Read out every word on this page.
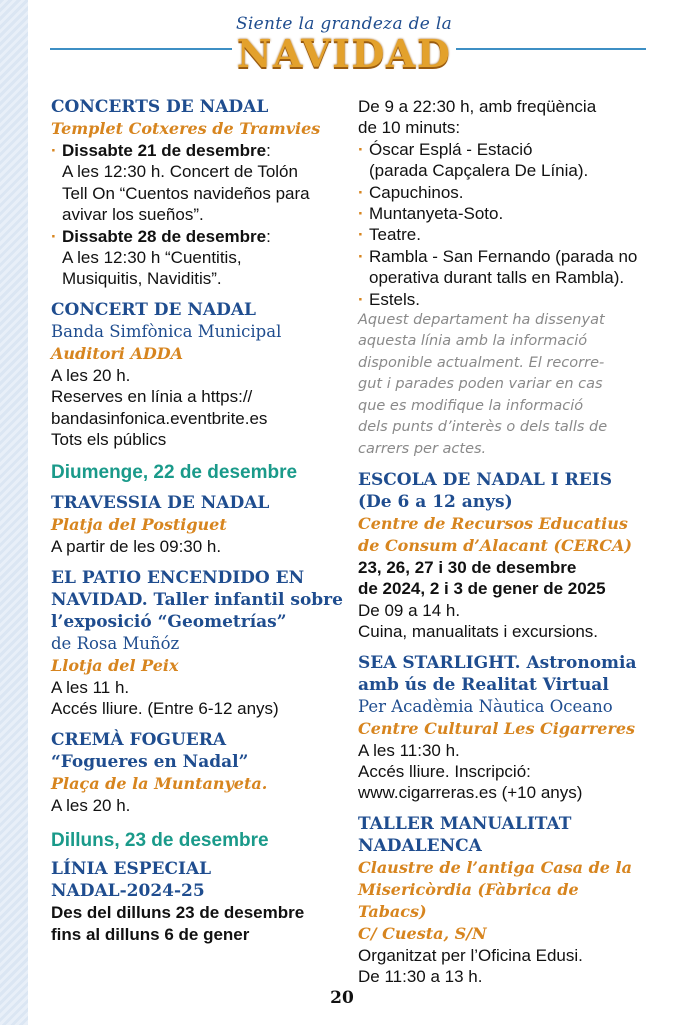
Siente la grandeza de la
NAVIDAD
CONCERTS DE NADAL
Templet Cotxeres de Tramvies
· Dissabte 21 de desembre:
A les 12:30 h. Concert de Tolón
Tell On “Cuentos navideños para
avivar los sueños”.
· Dissabte 28 de desembre:
A les 12:30 h “Cuentitis,
Musiquitis, Naviditis”.
CONCERT DE NADAL
Banda Simfònica Municipal
Auditori ADDA
A les 20 h.
Reserves en línia a https://
bandasinfonica.eventbrite.es
Tots els públics
Diumenge, 22 de desembre
TRAVESSIA DE NADAL
Platja del Postiguet
A partir de les 09:30 h.
EL PATIO ENCENDIDO EN
NAVIDAD. Taller infantil sobre
l’exposició “Geometrías”
de Rosa Muñóz
Llotja del Peix
A les 11 h.
Accés lliure. (Entre 6-12 anys)
CREMÀ FOGUERA
“Fogueres en Nadal”
Plaça de la Muntanyeta.
A les 20 h.
Dilluns, 23 de desembre
LÍNIA ESPECIAL
NADAL-2024-25
Des del dilluns 23 de desembre
fins al dilluns 6 de gener
De 9 a 22:30 h, amb freqüència
de 10 minuts:
· Óscar Esplá - Estació
(parada Capçalera De Línia).
· Capuchinos.
· Muntanyeta-Soto.
· Teatre.
· Rambla - San Fernando (parada no
operativa durant talls en Rambla).
· Estels.
Aquest departament ha dissenyat
aquesta línia amb la informació
disponible actualment. El recorre-
gut i parades poden variar en cas
que es modifique la informació
dels punts d’interès o dels talls de
carrers per actes.
ESCOLA DE NADAL I REIS
(De 6 a 12 anys)
Centre de Recursos Educatius
de Consum d’Alacant (CERCA)
23, 26, 27 i 30 de desembre
de 2024, 2 i 3 de gener de 2025
De 09 a 14 h.
Cuina, manualitats i excursions.
SEA STARLIGHT. Astronomia
amb ús de Realitat Virtual
Per Acadèmia Nàutica Oceano
Centre Cultural Les Cigarreres
A les 11:30 h.
Accés lliure. Inscripció:
www.cigarreras.es (+10 anys)
TALLER MANUALITAT
NADALENCA
Claustre de l’antiga Casa de la
Misericòrdia (Fàbrica de Tabacs)
C/ Cuesta, S/N
Organitzat per l’Oficina Edusi.
De 11:30 a 13 h.
20
